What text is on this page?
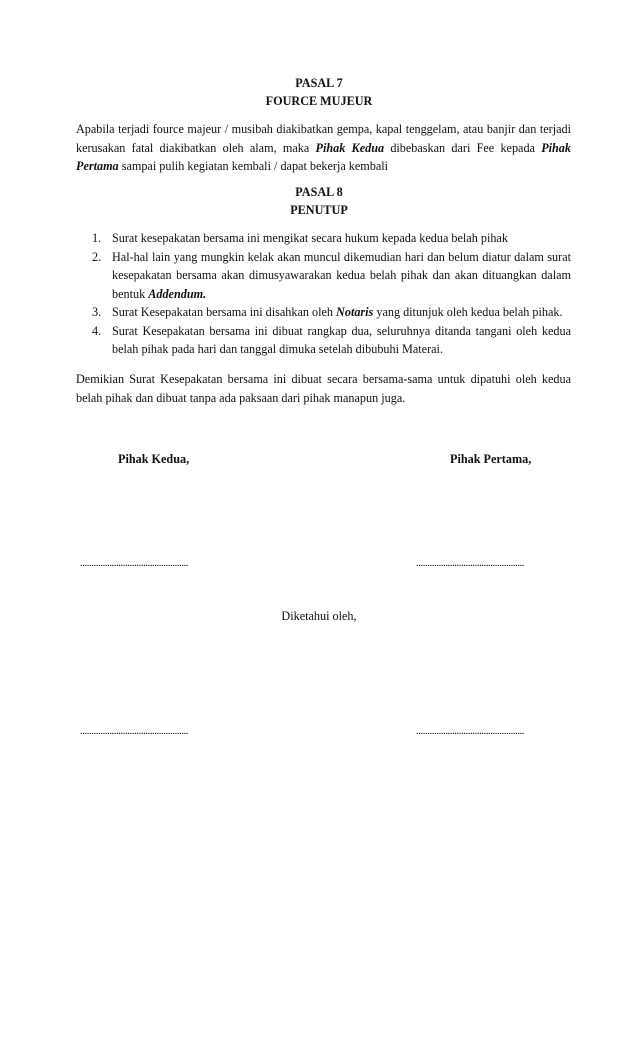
PASAL 7
FOURCE MUJEUR
Apabila terjadi fource majeur / musibah diakibatkan gempa, kapal tenggelam, atau banjir dan terjadi kerusakan fatal diakibatkan oleh alam, maka Pihak Kedua dibebaskan dari Fee kepada Pihak Pertama sampai pulih kegiatan kembali / dapat bekerja kembali
PASAL 8
PENUTUP
1. Surat kesepakatan bersama ini mengikat secara hukum kepada kedua belah pihak
2. Hal-hal lain yang mungkin kelak akan muncul dikemudian hari dan belum diatur dalam surat kesepakatan bersama akan dimusyawarakan kedua belah pihak dan akan dituangkan dalam bentuk Addendum.
3. Surat Kesepakatan bersama ini disahkan oleh Notaris yang ditunjuk oleh kedua belah pihak.
4. Surat Kesepakatan bersama ini dibuat rangkap dua, seluruhnya ditanda tangani oleh kedua belah pihak pada hari dan tanggal dimuka setelah dibubuhi Materai.
Demikian Surat Kesepakatan bersama ini dibuat secara bersama-sama untuk dipatuhi oleh kedua belah pihak dan dibuat tanpa ada paksaan dari pihak manapun juga.
Pihak Kedua,	Pihak Pertama,
................................................	................................................
Diketahui oleh,
................................................	................................................
